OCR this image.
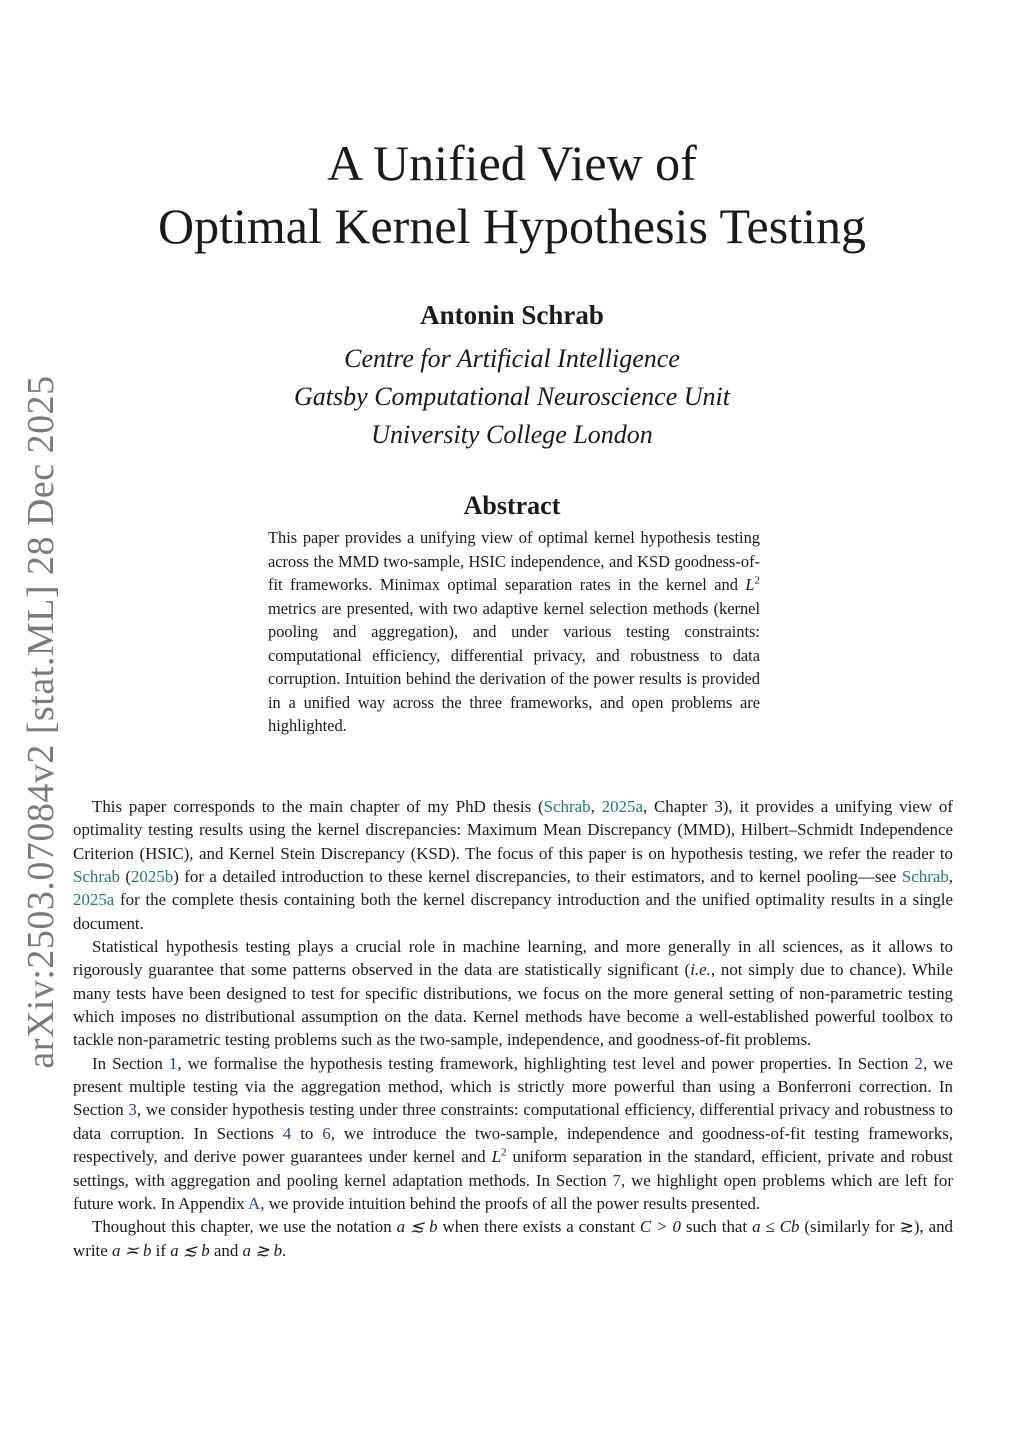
arXiv:2503.07084v2 [stat.ML] 28 Dec 2025
A Unified View of
Optimal Kernel Hypothesis Testing
Antonin Schrab
Centre for Artificial Intelligence
Gatsby Computational Neuroscience Unit
University College London
Abstract
This paper provides a unifying view of optimal kernel hypothesis testing across the MMD two-sample, HSIC independence, and KSD goodness-of-fit frameworks. Minimax optimal separation rates in the kernel and $L^2$ metrics are presented, with two adaptive kernel selection methods (kernel pooling and aggregation), and under various testing constraints: computational efficiency, differential privacy, and robustness to data corruption. Intuition behind the derivation of the power results is provided in a unified way across the three frameworks, and open problems are highlighted.

This paper corresponds to the main chapter of my PhD thesis (Schrab, 2025a, Chapter 3), it provides a unifying view of optimality testing results using the kernel discrepancies: Maximum Mean Discrepancy (MMD), Hilbert–Schmidt Independence Criterion (HSIC), and Kernel Stein Discrepancy (KSD). The focus of this paper is on hypothesis testing, we refer the reader to Schrab (2025b) for a detailed introduction to these kernel discrepancies, to their estimators, and to kernel pooling—see Schrab, 2025a for the complete thesis containing both the kernel discrepancy introduction and the unified optimality results in a single document.

Statistical hypothesis testing plays a crucial role in machine learning, and more generally in all sciences, as it allows to rigorously guarantee that some patterns observed in the data are statistically significant (i.e., not simply due to chance). While many tests have been designed to test for specific distributions, we focus on the more general setting of non-parametric testing which imposes no distributional assumption on the data. Kernel methods have become a well-established powerful toolbox to tackle non-parametric testing problems such as the two-sample, independence, and goodness-of-fit problems.

In Section 1, we formalise the hypothesis testing framework, highlighting test level and power properties. In Section 2, we present multiple testing via the aggregation method, which is strictly more powerful than using a Bonferroni correction. In Section 3, we consider hypothesis testing under three constraints: computational efficiency, differential privacy and robustness to data corruption. In Sections 4 to 6, we introduce the two-sample, independence and goodness-of-fit testing frameworks, respectively, and derive power guarantees under kernel and $L^2$ uniform separation in the standard, efficient, private and robust settings, with aggregation and pooling kernel adaptation methods. In Section 7, we highlight open problems which are left for future work. In Appendix A, we provide intuition behind the proofs of all the power results presented.

Thoughout this chapter, we use the notation a ≲ b when there exists a constant C > 0 such that a ≤ Cb (similarly for ≳), and write a ≍ b if a ≲ b and a ≳ b.
